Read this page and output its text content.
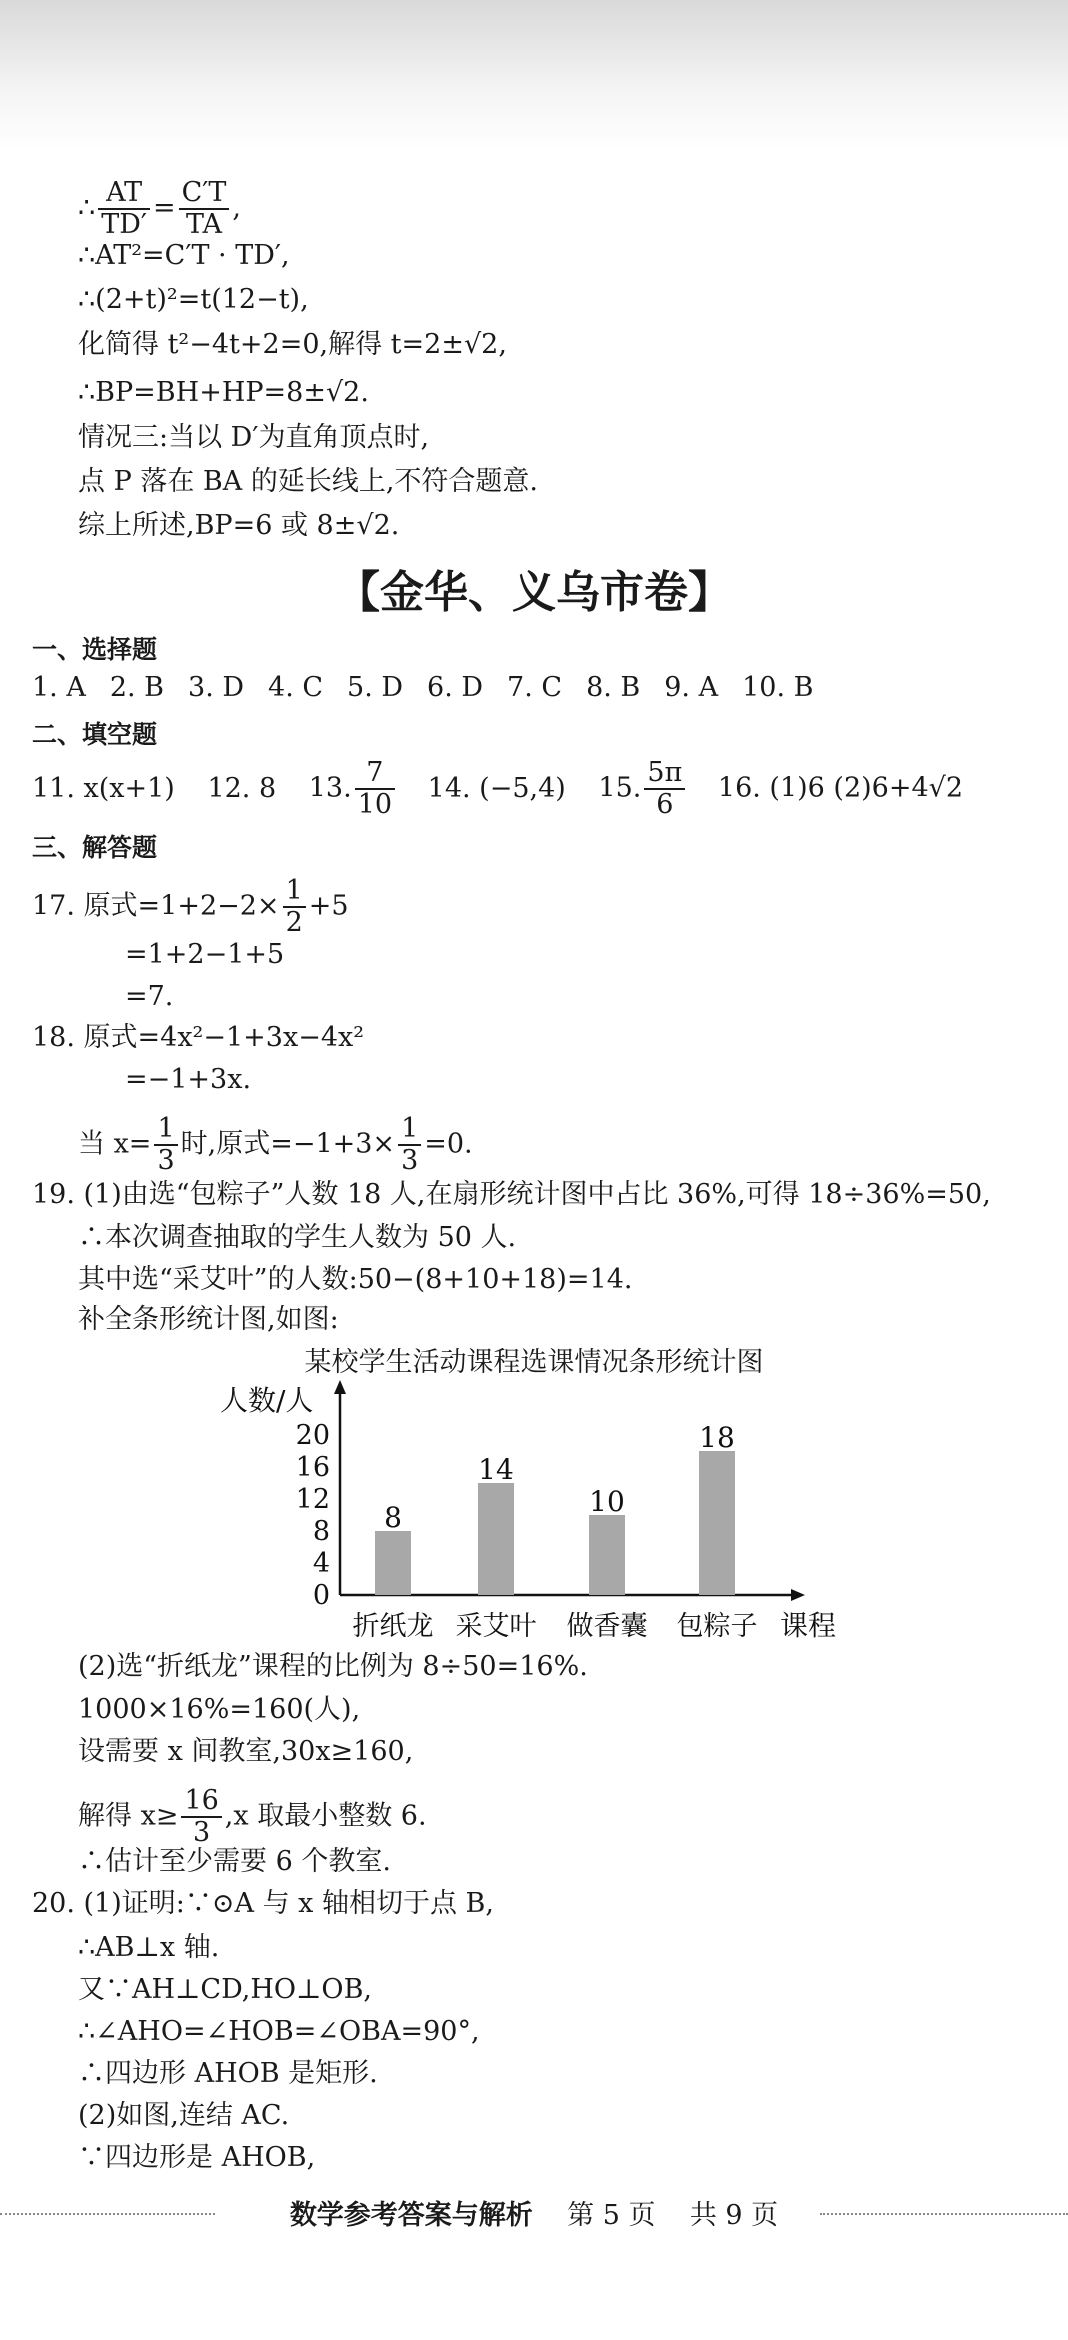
∴ $\frac{AT}{TD'} = \frac{C'T}{TA}$ ,
∴AT²=C′T · TD′,
∴(2+t)²=t(12−t),
化简得 t²−4t+2=0,解得 t=2±√2,
∴BP=BH+HP=8±√2.
情况三:当以 D′为直角顶点时,
点 P 落在 BA 的延长线上,不符合题意.
综上所述,BP=6 或 8±√2.
【金华、义乌市卷】
一、选择题
1. A 2. B 3. D 4. C 5. D 6. D 7. C 8. B 9. A 10. B
二、填空题
11. x(x+1) 12. 8 13. $\frac{7}{10} 14$. (−5,4) 15. $\frac{5\pi}{6} 16$. (1)6 (2)6+4√2
三、解答题
17. 原式$=1+2-2\times \frac{1}{2} +5$
=1+2−1+5
=7.
18. 原式=4x²−1+3x−4x²
=−1+3x.
当 $x= \frac{1}{3}$ 时,原式$=-1+3\times \frac{1}{3} =0$.
19. (1)由选“包粽子”人数 18 人,在扇形统计图中占比 36%,可得 18÷36%=50,
∴本次调查抽取的学生人数为 50 人.
其中选“采艾叶”的人数:50−(8+10+18)=14.
补全条形统计图,如图:
某校学生活动课程选课情况条形统计图
人数/人
课程
0
4
8
12
16
20
8
折纸龙
14
采艾叶
10
做香囊
18
包粽子
(2)选“折纸龙”课程的比例为 8÷50=16%.
1000×16%=160(人),
设需要 x 间教室,30x≥160,
解得 $x\ge \frac{16}{3} ,x$ 取最小整数 6.
∴估计至少需要 6 个教室.
20. (1)证明:∵⊙A 与 x 轴相切于点 B,
∴AB⊥x 轴.
又∵AH⊥CD,HO⊥OB,
∴∠AHO=∠HOB=∠OBA=90°,
∴四边形 AHOB 是矩形.
(2)如图,连结 AC.
∵四边形是 AHOB,
数学参考答案与解析 第 5 页 共 9 页
